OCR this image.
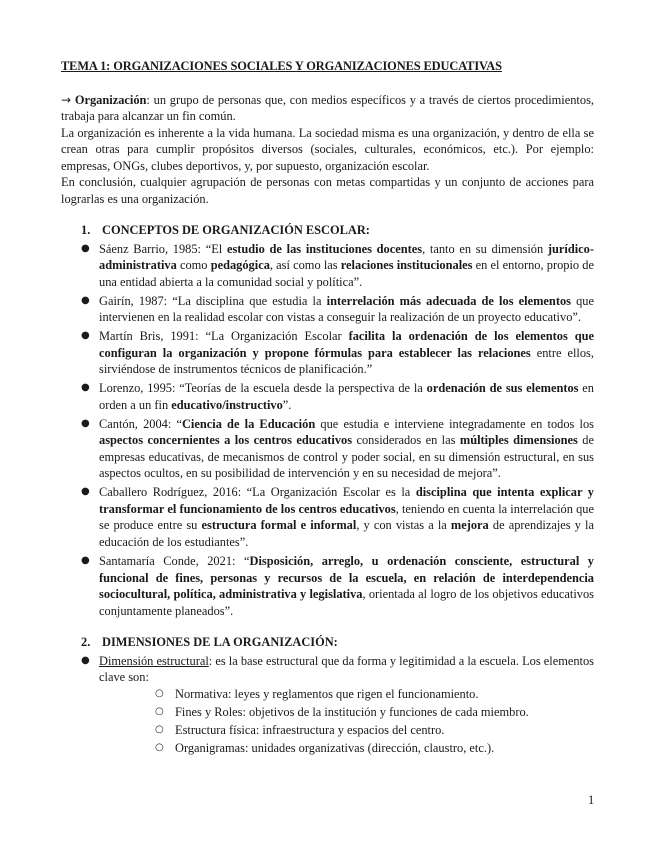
TEMA 1: ORGANIZACIONES SOCIALES Y ORGANIZACIONES EDUCATIVAS

→ Organización: un grupo de personas que, con medios específicos y a través de ciertos procedimientos, trabaja para alcanzar un fin común.

La organización es inherente a la vida humana. La sociedad misma es una organización, y dentro de ella se crean otras para cumplir propósitos diversos (sociales, culturales, económicos, etc.). Por ejemplo: empresas, ONGs, clubes deportivos, y, por supuesto, organización escolar.

En conclusión, cualquier agrupación de personas con metas compartidas y un conjunto de acciones para lograrlas es una organización.

1. CONCEPTOS DE ORGANIZACIÓN ESCOLAR:
● Sáenz Barrio, 1985: “El estudio de las instituciones docentes, tanto en su dimensión jurídico-administrativa como pedagógica, así como las relaciones institucionales en el entorno, propio de una entidad abierta a la comunidad social y política”.
● Gairín, 1987: “La disciplina que estudia la interrelación más adecuada de los elementos que intervienen en la realidad escolar con vistas a conseguir la realización de un proyecto educativo”.
● Martín Bris, 1991: “La Organización Escolar facilita la ordenación de los elementos que configuran la organización y propone fórmulas para establecer las relaciones entre ellos, sirviéndose de instrumentos técnicos de planificación.”
● Lorenzo, 1995: “Teorías de la escuela desde la perspectiva de la ordenación de sus elementos en orden a un fin educativo/instructivo”.
● Cantón, 2004: “Ciencia de la Educación que estudia e interviene integradamente en todos los aspectos concernientes a los centros educativos considerados en las múltiples dimensiones de empresas educativas, de mecanismos de control y poder social, en su dimensión estructural, en sus aspectos ocultos, en su posibilidad de intervención y en su necesidad de mejora”.
● Caballero Rodríguez, 2016: “La Organización Escolar es la disciplina que intenta explicar y transformar el funcionamiento de los centros educativos, teniendo en cuenta la interrelación que se produce entre su estructura formal e informal, y con vistas a la mejora de aprendizajes y la educación de los estudiantes”.
● Santamaría Conde, 2021: “Disposición, arreglo, u ordenación consciente, estructural y funcional de fines, personas y recursos de la escuela, en relación de interdependencia sociocultural, política, administrativa y legislativa, orientada al logro de los objetivos educativos conjuntamente planeados”.
2. DIMENSIONES DE LA ORGANIZACIÓN:
● Dimensión estructural: es la base estructural que da forma y legitimidad a la escuela. Los elementos clave son:
○ Normativa: leyes y reglamentos que rigen el funcionamiento.
○ Fines y Roles: objetivos de la institución y funciones de cada miembro.
○ Estructura física: infraestructura y espacios del centro.
○ Organigramas: unidades organizativas (dirección, claustro, etc.).
1
